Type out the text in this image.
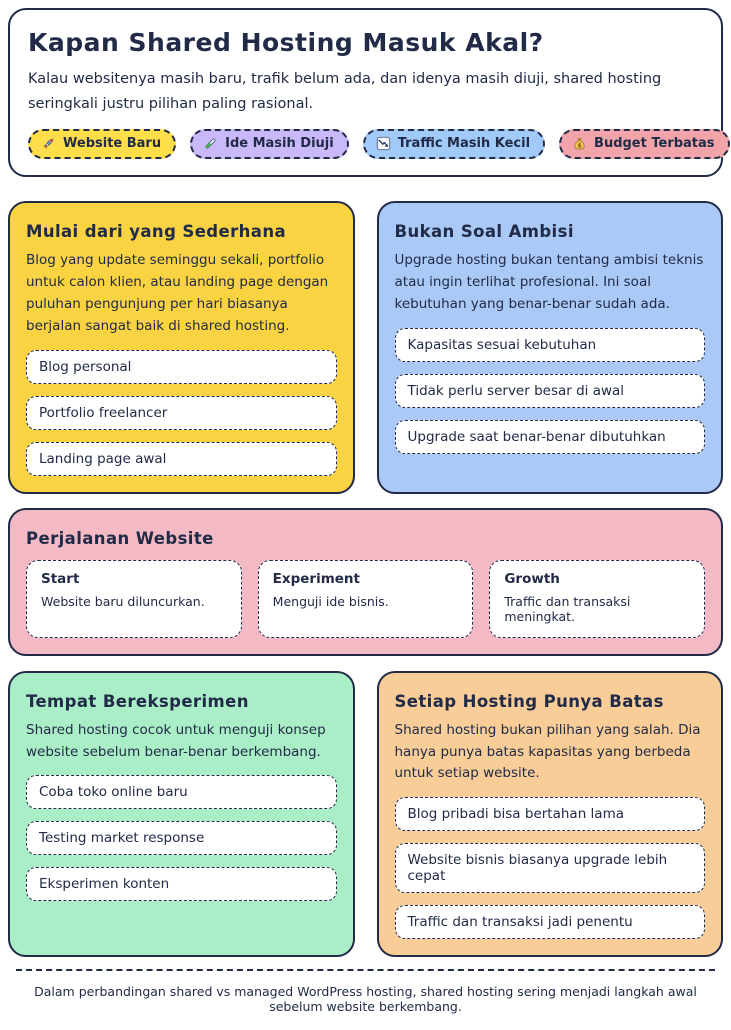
Kapan Shared Hosting Masuk Akal?

Kalau websitenya masih baru, trafik belum ada, dan idenya masih diuji, shared hosting seringkali justru pilihan paling rasional.

Website Baru	Ide Masih Diuji	Traffic Masih Kecil	$ Budget Terbatas
Mulai dari yang Sederhana

Blog yang update seminggu sekali, portfolio untuk calon klien, atau landing page dengan puluhan pengunjung per hari biasanya berjalan sangat baik di shared hosting.

Blog personal
Portfolio freelancer
Landing page awal
Bukan Soal Ambisi

Upgrade hosting bukan tentang ambisi teknis atau ingin terlihat profesional. Ini soal kebutuhan yang benar-benar sudah ada.

Kapasitas sesuai kebutuhan
Tidak perlu server besar di awal
Upgrade saat benar-benar dibutuhkan
Perjalanan Website
Start
Website baru diluncurkan.
Experiment
Menguji ide bisnis.
Growth
Traffic dan transaksi meningkat.
Tempat Bereksperimen

Shared hosting cocok untuk menguji konsep website sebelum benar-benar berkembang.

Coba toko online baru
Testing market response
Eksperimen konten
Setiap Hosting Punya Batas

Shared hosting bukan pilihan yang salah. Dia hanya punya batas kapasitas yang berbeda untuk setiap website.

Blog pribadi bisa bertahan lama
Website bisnis biasanya upgrade lebih cepat
Traffic dan transaksi jadi penentu
Dalam perbandingan shared vs managed WordPress hosting, shared hosting sering menjadi langkah awal sebelum website berkembang.
